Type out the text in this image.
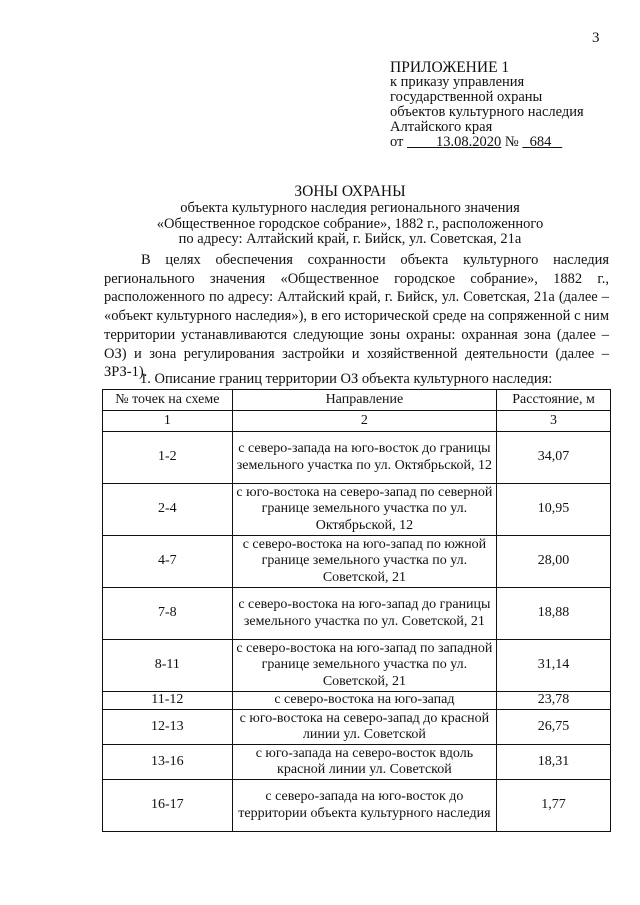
3
ПРИЛОЖЕНИЕ 1
к приказу управления
государственной охраны
объектов культурного наследия
Алтайского края
от 13.08.2020 № 684
ЗОНЫ ОХРАНЫ
объекта культурного наследия регионального значения
«Общественное городское собрание», 1882 г., расположенного
по адресу: Алтайский край, г. Бийск, ул. Советская, 21а

В целях обеспечения сохранности объекта культурного наследия регионального значения «Общественное городское собрание», 1882 г., расположенного по адресу: Алтайский край, г. Бийск, ул. Советская, 21а (далее – «объект культурного наследия»), в его исторической среде на сопряженной с ним территории устанавливаются следующие зоны охраны: охранная зона (далее – ОЗ) и зона регулирования застройки и хозяйственной деятельности (далее – ЗРЗ-1).

1. Описание границ территории ОЗ объекта культурного наследия:
№ точек на схеме	Направление	Расстояние, м
1	2	3
1-2	с северо-запада на юго-восток до границы земельного участка по ул. Октябрьской, 12	34,07
2-4	с юго-востока на северо-запад по северной границе земельного участка по ул. Октябрьской, 12	10,95
4-7	с северо-востока на юго-запад по южной границе земельного участка по ул. Советской, 21	28,00
7-8	с северо-востока на юго-запад до границы земельного участка по ул. Советской, 21	18,88
8-11	с северо-востока на юго-запад по западной границе земельного участка по ул. Советской, 21	31,14
11-12	с северо-востока на юго-запад	23,78
12-13	с юго-востока на северо-запад до красной линии ул. Советской	26,75
13-16	с юго-запада на северо-восток вдоль красной линии ул. Советской	18,31
16-17	с северо-запада на юго-восток до территории объекта культурного наследия	1,77
